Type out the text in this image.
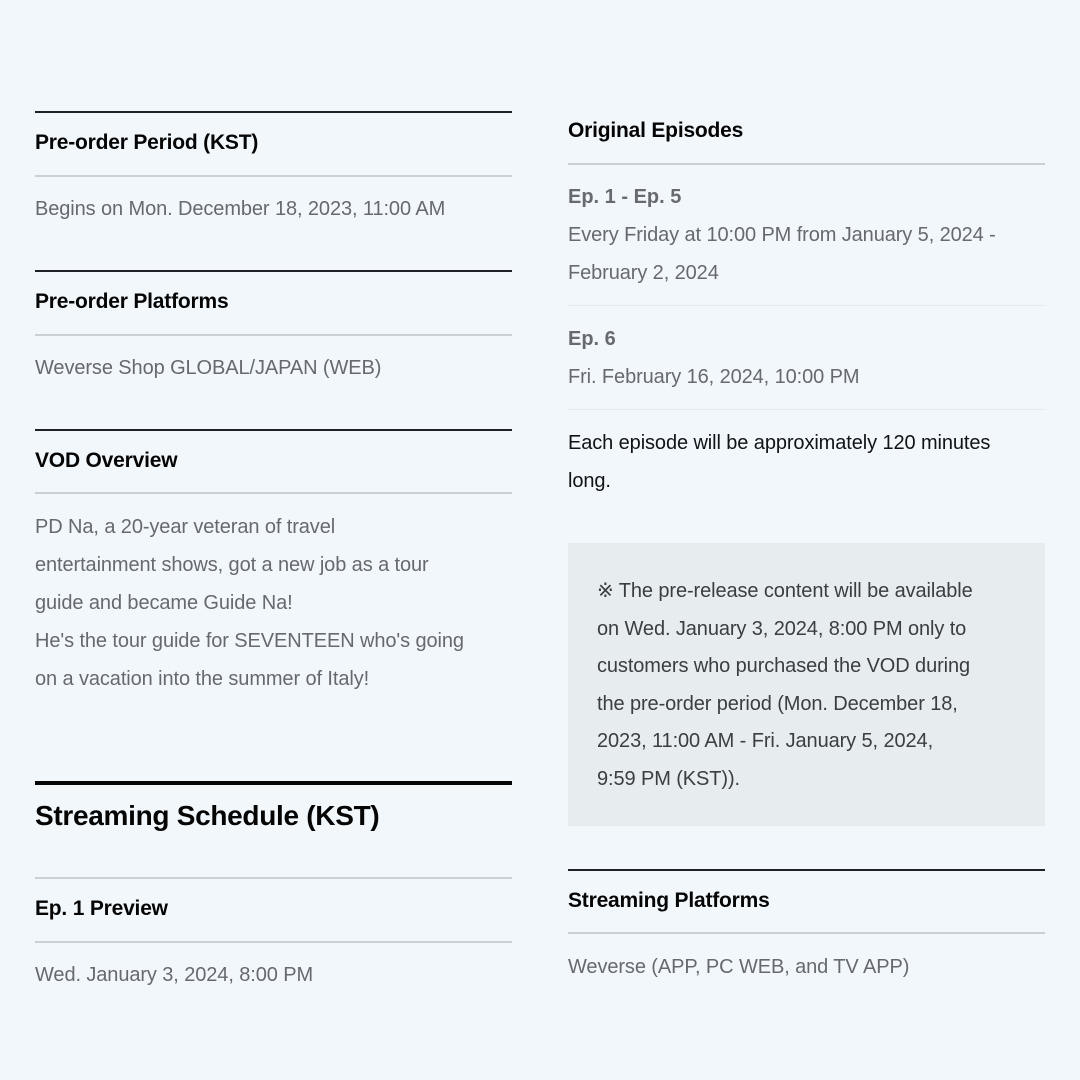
Pre-order Period (KST)
Begins on Mon. December 18, 2023, 11:00 AM
Pre-order Platforms
Weverse Shop GLOBAL/JAPAN (WEB)
VOD Overview
PD Na, a 20-year veteran of travel
entertainment shows, got a new job as a tour
guide and became Guide Na!
He's the tour guide for SEVENTEEN who's going
on a vacation into the summer of Italy!
Streaming Schedule (KST)
Ep. 1 Preview
Wed. January 3, 2024, 8:00 PM
Original Episodes
Ep. 1 - Ep. 5
Every Friday at 10:00 PM from January 5, 2024 -
February 2, 2024
Ep. 6
Fri. February 16, 2024, 10:00 PM
Each episode will be approximately 120 minutes
long.
※ The pre-release content will be available
on Wed. January 3, 2024, 8:00 PM only to
customers who purchased the VOD during
the pre-order period (Mon. December 18,
2023, 11:00 AM - Fri. January 5, 2024,
9:59 PM (KST)).
Streaming Platforms
Weverse (APP, PC WEB, and TV APP)
